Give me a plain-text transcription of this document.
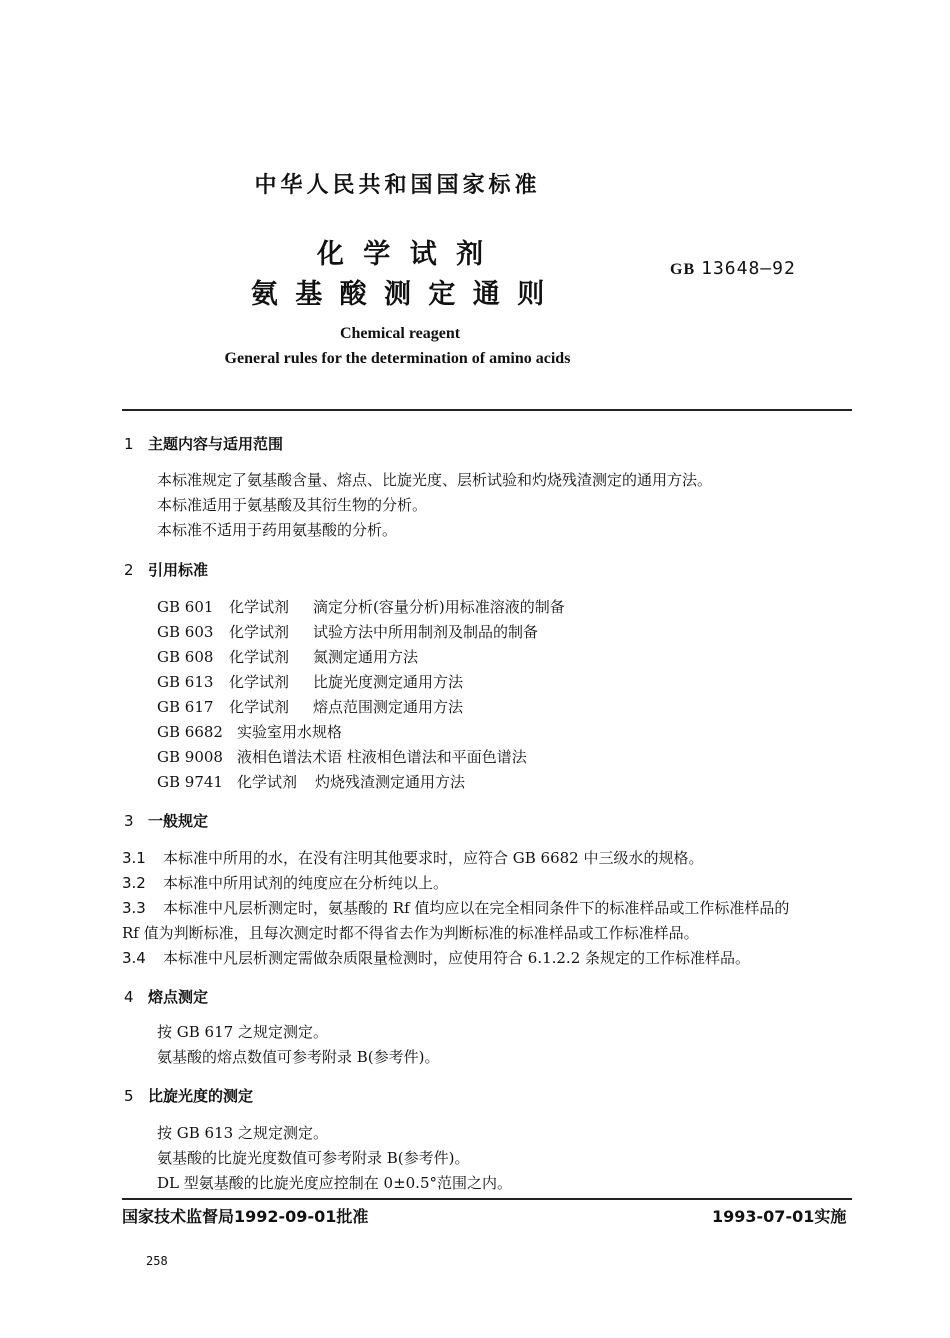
中华人民共和国国家标准
化 学 试 剂
氨 基 酸 测 定 通 则
GB 13648—92
Chemical reagent
General rules for the determination of amino acids
1 主题内容与适用范围
本标准规定了氨基酸含量、熔点、比旋光度、层析试验和灼烧残渣测定的通用方法。
本标准适用于氨基酸及其衍生物的分析。
本标准不适用于药用氨基酸的分析。
2 引用标准
GB 601 化学试剂 滴定分析(容量分析)用标准溶液的制备
GB 603 化学试剂 试验方法中所用制剂及制品的制备
GB 608 化学试剂 氮测定通用方法
GB 613 化学试剂 比旋光度测定通用方法
GB 617 化学试剂 熔点范围测定通用方法
GB 6682 实验室用水规格
GB 9008 液相色谱法术语 柱液相色谱法和平面色谱法
GB 9741 化学试剂 灼烧残渣测定通用方法
3 一般规定
3.1 本标准中所用的水，在没有注明其他要求时，应符合 GB 6682 中三级水的规格。
3.2 本标准中所用试剂的纯度应在分析纯以上。
3.3 本标准中凡层析测定时，氨基酸的 Rf 值均应以在完全相同条件下的标准样品或工作标准样品的
Rf 值为判断标准，且每次测定时都不得省去作为判断标准的标准样品或工作标准样品。
3.4 本标准中凡层析测定需做杂质限量检测时，应使用符合 6.1.2.2 条规定的工作标准样品。
4 熔点测定
按 GB 617 之规定测定。
氨基酸的熔点数值可参考附录 B(参考件)。
5 比旋光度的测定
按 GB 613 之规定测定。
氨基酸的比旋光度数值可参考附录 B(参考件)。
DL 型氨基酸的比旋光度应控制在 0±0.5°范围之内。
国家技术监督局1992-09-01批准	1993-07-01实施
258
